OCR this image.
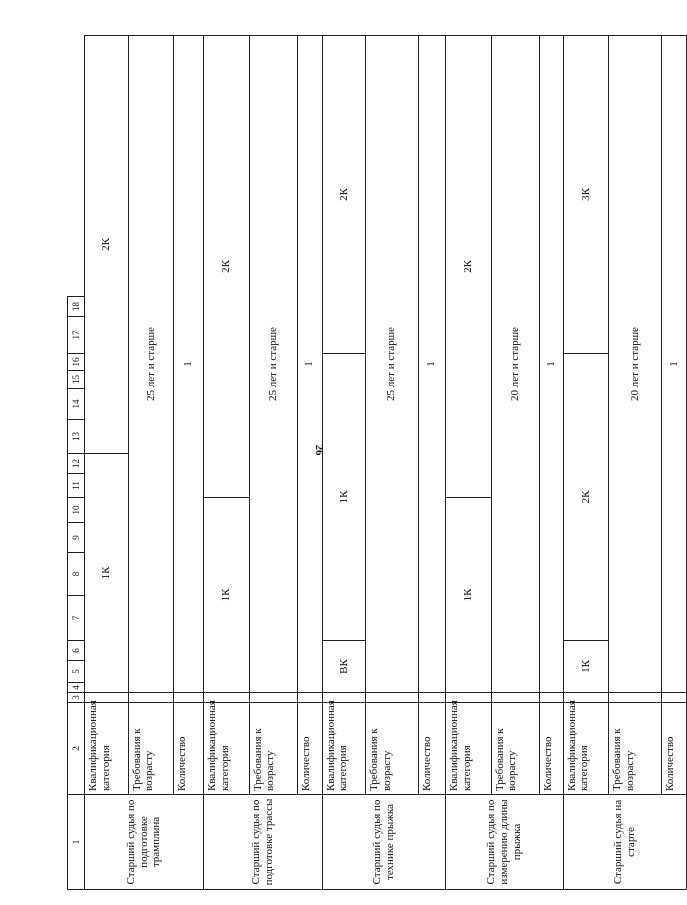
26
1	2	3	4	5	6	7	8	9	10	11	12	13	14	15	16	17	18
Старший судья по подготовке трамплина	Квалификационная категория		1К									2К					
	Требования к возрасту		25 лет и старше														
	Количество		1														
Старший судья по подготовке трассы	Квалификационная категория		1К							2К							
	Требования к возрасту		25 лет и старше														
	Количество		1														
Старший судья по технике прыжка	Квалификационная категория		ВК			1К										2К	
	Требования к возрасту		25 лет и старше														
	Количество		1														
Старший судья по измерению длины прыжка	Квалификационная категория		1К							2К							
	Требования к возрасту		20 лет и старше														
	Количество		1														
Старший судья на старте	Квалификационная категория		1К			2К										3К	
	Требования к возрасту		20 лет и старше														
	Количество		1														
